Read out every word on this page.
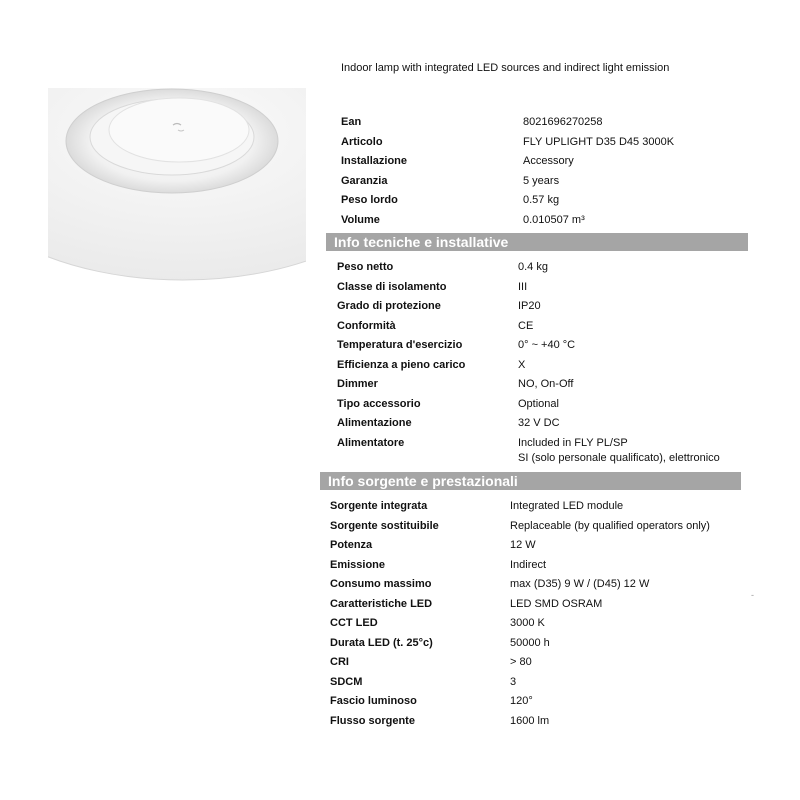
Indoor lamp with integrated LED sources and indirect light emission
Ean	8021696270258
Articolo	FLY UPLIGHT D35 D45 3000K
Installazione	Accessory
Garanzia	5 years
Peso lordo	0.57 kg
Volume	0.010507 m³
Info tecniche e installative
Peso netto	0.4 kg
Classe di isolamento	III
Grado di protezione	IP20
Conformità	CE
Temperatura d'esercizio	0° ~ +40 °C
Efficienza a pieno carico	X
Dimmer	NO, On-Off
Tipo accessorio	Optional
Alimentazione	32 V DC
Alimentatore	Included in FLY PL/SP
SI (solo personale qualificato), elettronico
Info sorgente e prestazionali
Sorgente integrata	Integrated LED module
Sorgente sostituibile	Replaceable (by qualified operators only)
Potenza	12 W
Emissione	Indirect
Consumo massimo	max (D35) 9 W / (D45) 12 W
Caratteristiche LED	LED SMD OSRAM
CCT LED	3000 K
Durata LED (t. 25°c)	50000 h
CRI	> 80
SDCM	3
Fascio luminoso	120°
Flusso sorgente	1600 lm
-
